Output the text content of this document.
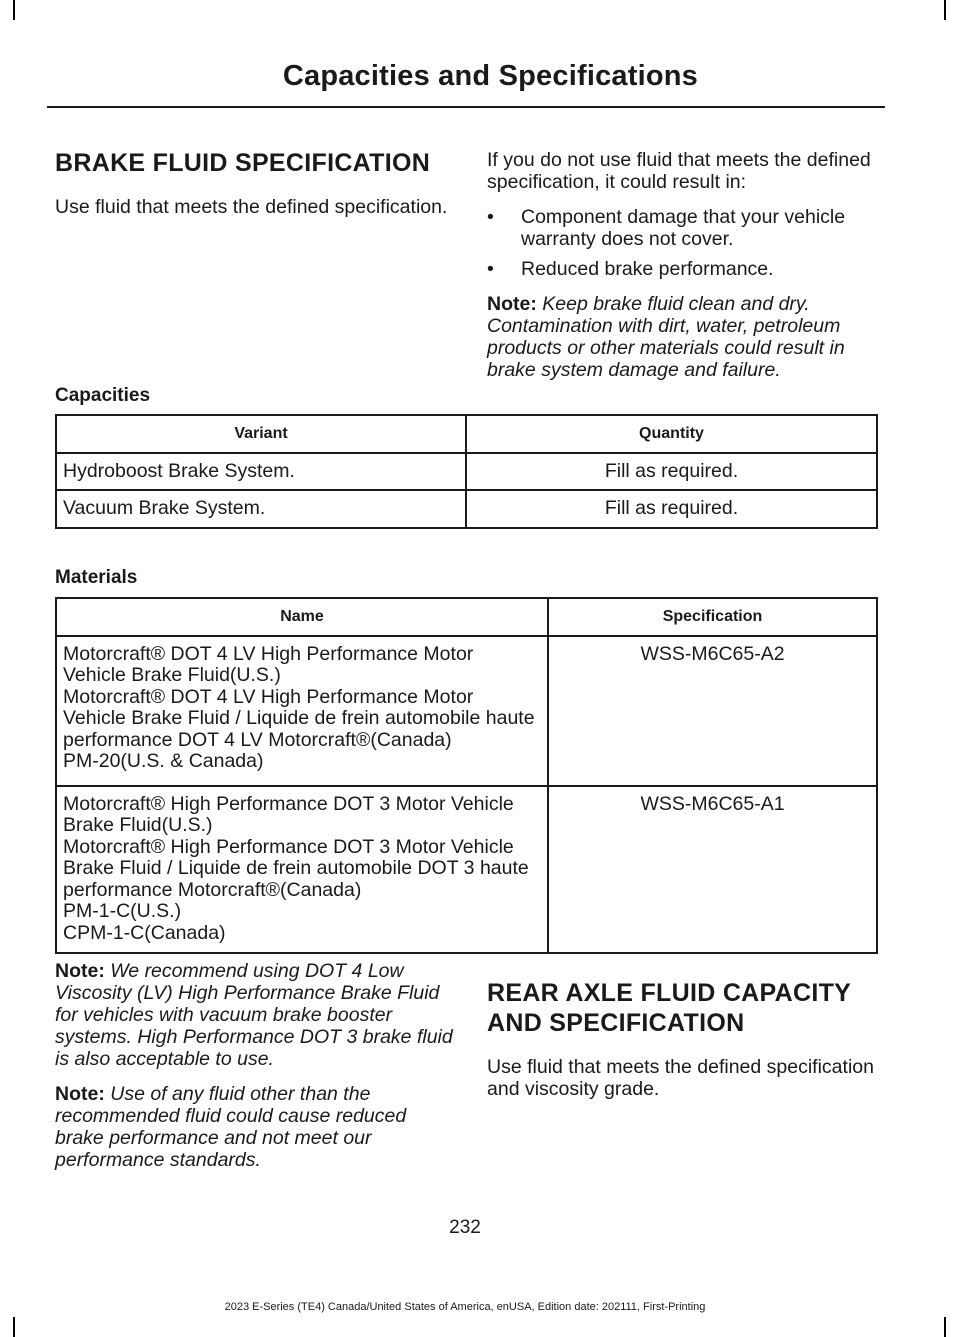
Capacities and Specifications
BRAKE FLUID SPECIFICATION

Use fluid that meets the defined specification.

If you do not use fluid that meets the defined specification, it could result in:

• Component damage that your vehicle warranty does not cover.
• Reduced brake performance.

Note: Keep brake fluid clean and dry. Contamination with dirt, water, petroleum products or other materials could result in brake system damage and failure.

Capacities
Variant	Quantity
Hydroboost Brake System.	Fill as required.
Vacuum Brake System.	Fill as required.
Materials
Name	Specification

Motorcraft® DOT 4 LV High Performance Motor Vehicle Brake Fluid(U.S.)
Motorcraft® DOT 4 LV High Performance Motor Vehicle Brake Fluid / Liquide de frein automobile haute performance DOT 4 LV Motorcraft®(Canada)
PM-20(U.S. & Canada)	WSS-M6C65-A2

Motorcraft® High Performance DOT 3 Motor Vehicle Brake Fluid(U.S.)
Motorcraft® High Performance DOT 3 Motor Vehicle Brake Fluid / Liquide de frein automobile DOT 3 haute performance Motorcraft®(Canada)
PM-1-C(U.S.)
CPM-1-C(Canada)	WSS-M6C65-A1

Note: We recommend using DOT 4 Low Viscosity (LV) High Performance Brake Fluid for vehicles with vacuum brake booster systems. High Performance DOT 3 brake fluid is also acceptable to use.

Note: Use of any fluid other than the recommended fluid could cause reduced brake performance and not meet our performance standards.

REAR AXLE FLUID CAPACITY AND SPECIFICATION

Use fluid that meets the defined specification and viscosity grade.

232
2023 E-Series (TE4) Canada/United States of America, enUSA, Edition date: 202111, First-Printing
